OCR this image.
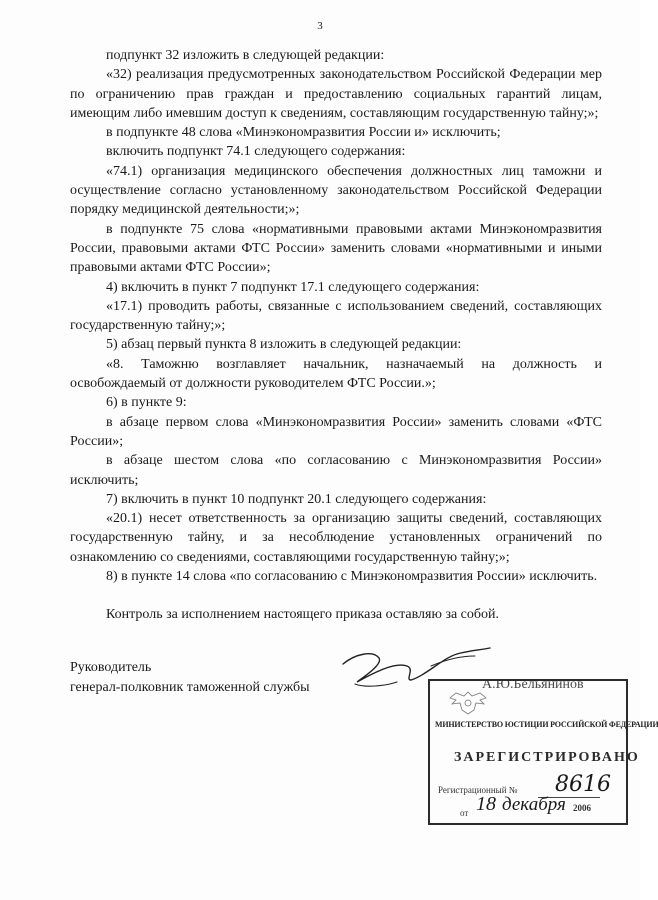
3

подпункт 32 изложить в следующей редакции:

«32) реализация предусмотренных законодательством Российской Федерации мер по ограничению прав граждан и предоставлению социальных гарантий лицам, имеющим либо имевшим доступ к сведениям, составляющим государственную тайну;»;

в подпункте 48 слова «Минэкономразвития России и» исключить;

включить подпункт 74.1 следующего содержания:

«74.1) организация медицинского обеспечения должностных лиц таможни и осуществление согласно установленному законодательством Российской Федерации порядку медицинской деятельности;»;

в подпункте 75 слова «нормативными правовыми актами Минэкономразвития России, правовыми актами ФТС России» заменить словами «нормативными и иными правовыми актами ФТС России»;

4) включить в пункт 7 подпункт 17.1 следующего содержания:

«17.1) проводить работы, связанные с использованием сведений, составляющих государственную тайну;»;

5) абзац первый пункта 8 изложить в следующей редакции:

«8. Таможню возглавляет начальник, назначаемый на должность и освобождаемый от должности руководителем ФТС России.»;

6) в пункте 9:

в абзаце первом слова «Минэкономразвития России» заменить словами «ФТС России»;

в абзаце шестом слова «по согласованию с Минэкономразвития России» исключить;

7) включить в пункт 10 подпункт 20.1 следующего содержания:

«20.1) несет ответственность за организацию защиты сведений, составляющих государственную тайну, и за несоблюдение установленных ограничений по ознакомлению со сведениями, составляющими государственную тайну;»;

8) в пункте 14 слова «по согласованию с Минэкономразвития России» исключить.

Контроль за исполнением настоящего приказа оставляю за собой.
Руководитель
генерал-полковник таможенной службы	А.Ю.Бельянинов
МИНИСТЕРСТВО ЮСТИЦИИ РОССИЙСКОЙ ФЕДЕРАЦИИ
ЗАРЕГИСТРИРОВАНО
Регистрационный № 8616
от 18 декабря 2006
